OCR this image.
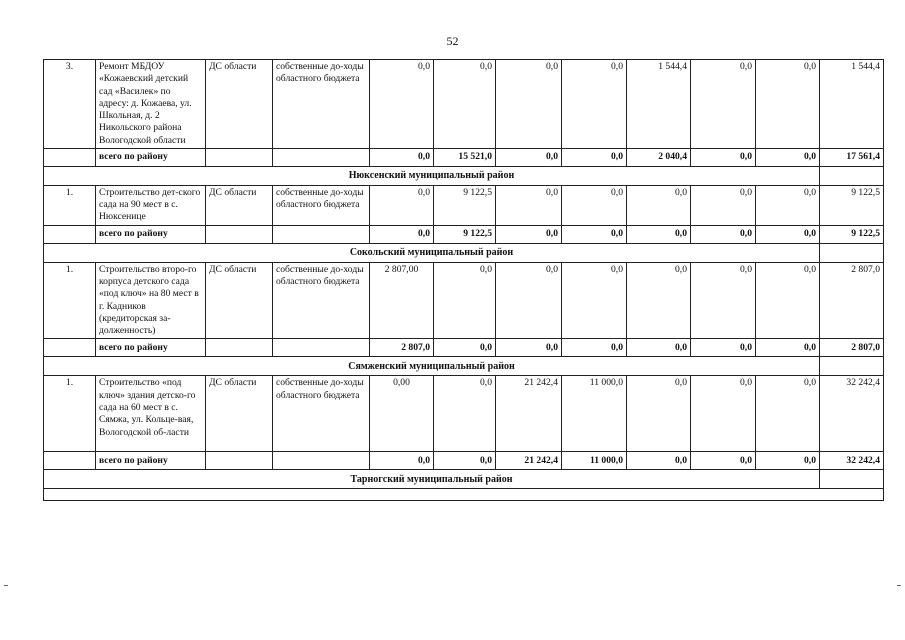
52
3.	Ремонт МБДОУ «Кожаевский детский сад «Василек» по адресу: д. Кожаева, ул. Школьная, д. 2 Никольского района Вологодской области	ДС области	собственные до-ходы областного бюджета	0,0	0,0	0,0	0,0	1 544,4	0,0	0,0	1 544,4
	всего по району			0,0	15 521,0	0,0	0,0	2 040,4	0,0	0,0	17 561,4
Нюксенский муниципальный район											
1.	Строительство дет-ского сада на 90 мест в с. Нюксенице	ДС области	собственные до-ходы областного бюджета	0,0	9 122,5	0,0	0,0	0,0	0,0	0,0	9 122,5
	всего по району			0,0	9 122,5	0,0	0,0	0,0	0,0	0,0	9 122,5
Сокольский муниципальный район											
1.	Строительство второ-го корпуса детского сада «под ключ» на 80 мест в г. Кадников (кредиторская за-долженность)	ДС области	собственные до-ходы областного бюджета	2 807,00	0,0	0,0	0,0	0,0	0,0	0,0	2 807,0
	всего по району			2 807,0	0,0	0,0	0,0	0,0	0,0	0,0	2 807,0
Сямженский муниципальный район											
1.	Строительство «под ключ» здания детско-го сада на 60 мест в с. Сямжа, ул. Кольце-вая, Вологодской об-ласти	ДС области	собственные до-ходы областного бюджета	0,00	0,0	21 242,4	11 000,0	0,0	0,0	0,0	32 242,4
	всего по району			0,0	0,0	21 242,4	11 000,0	0,0	0,0	0,0	32 242,4
Тарногский муниципальный район											
